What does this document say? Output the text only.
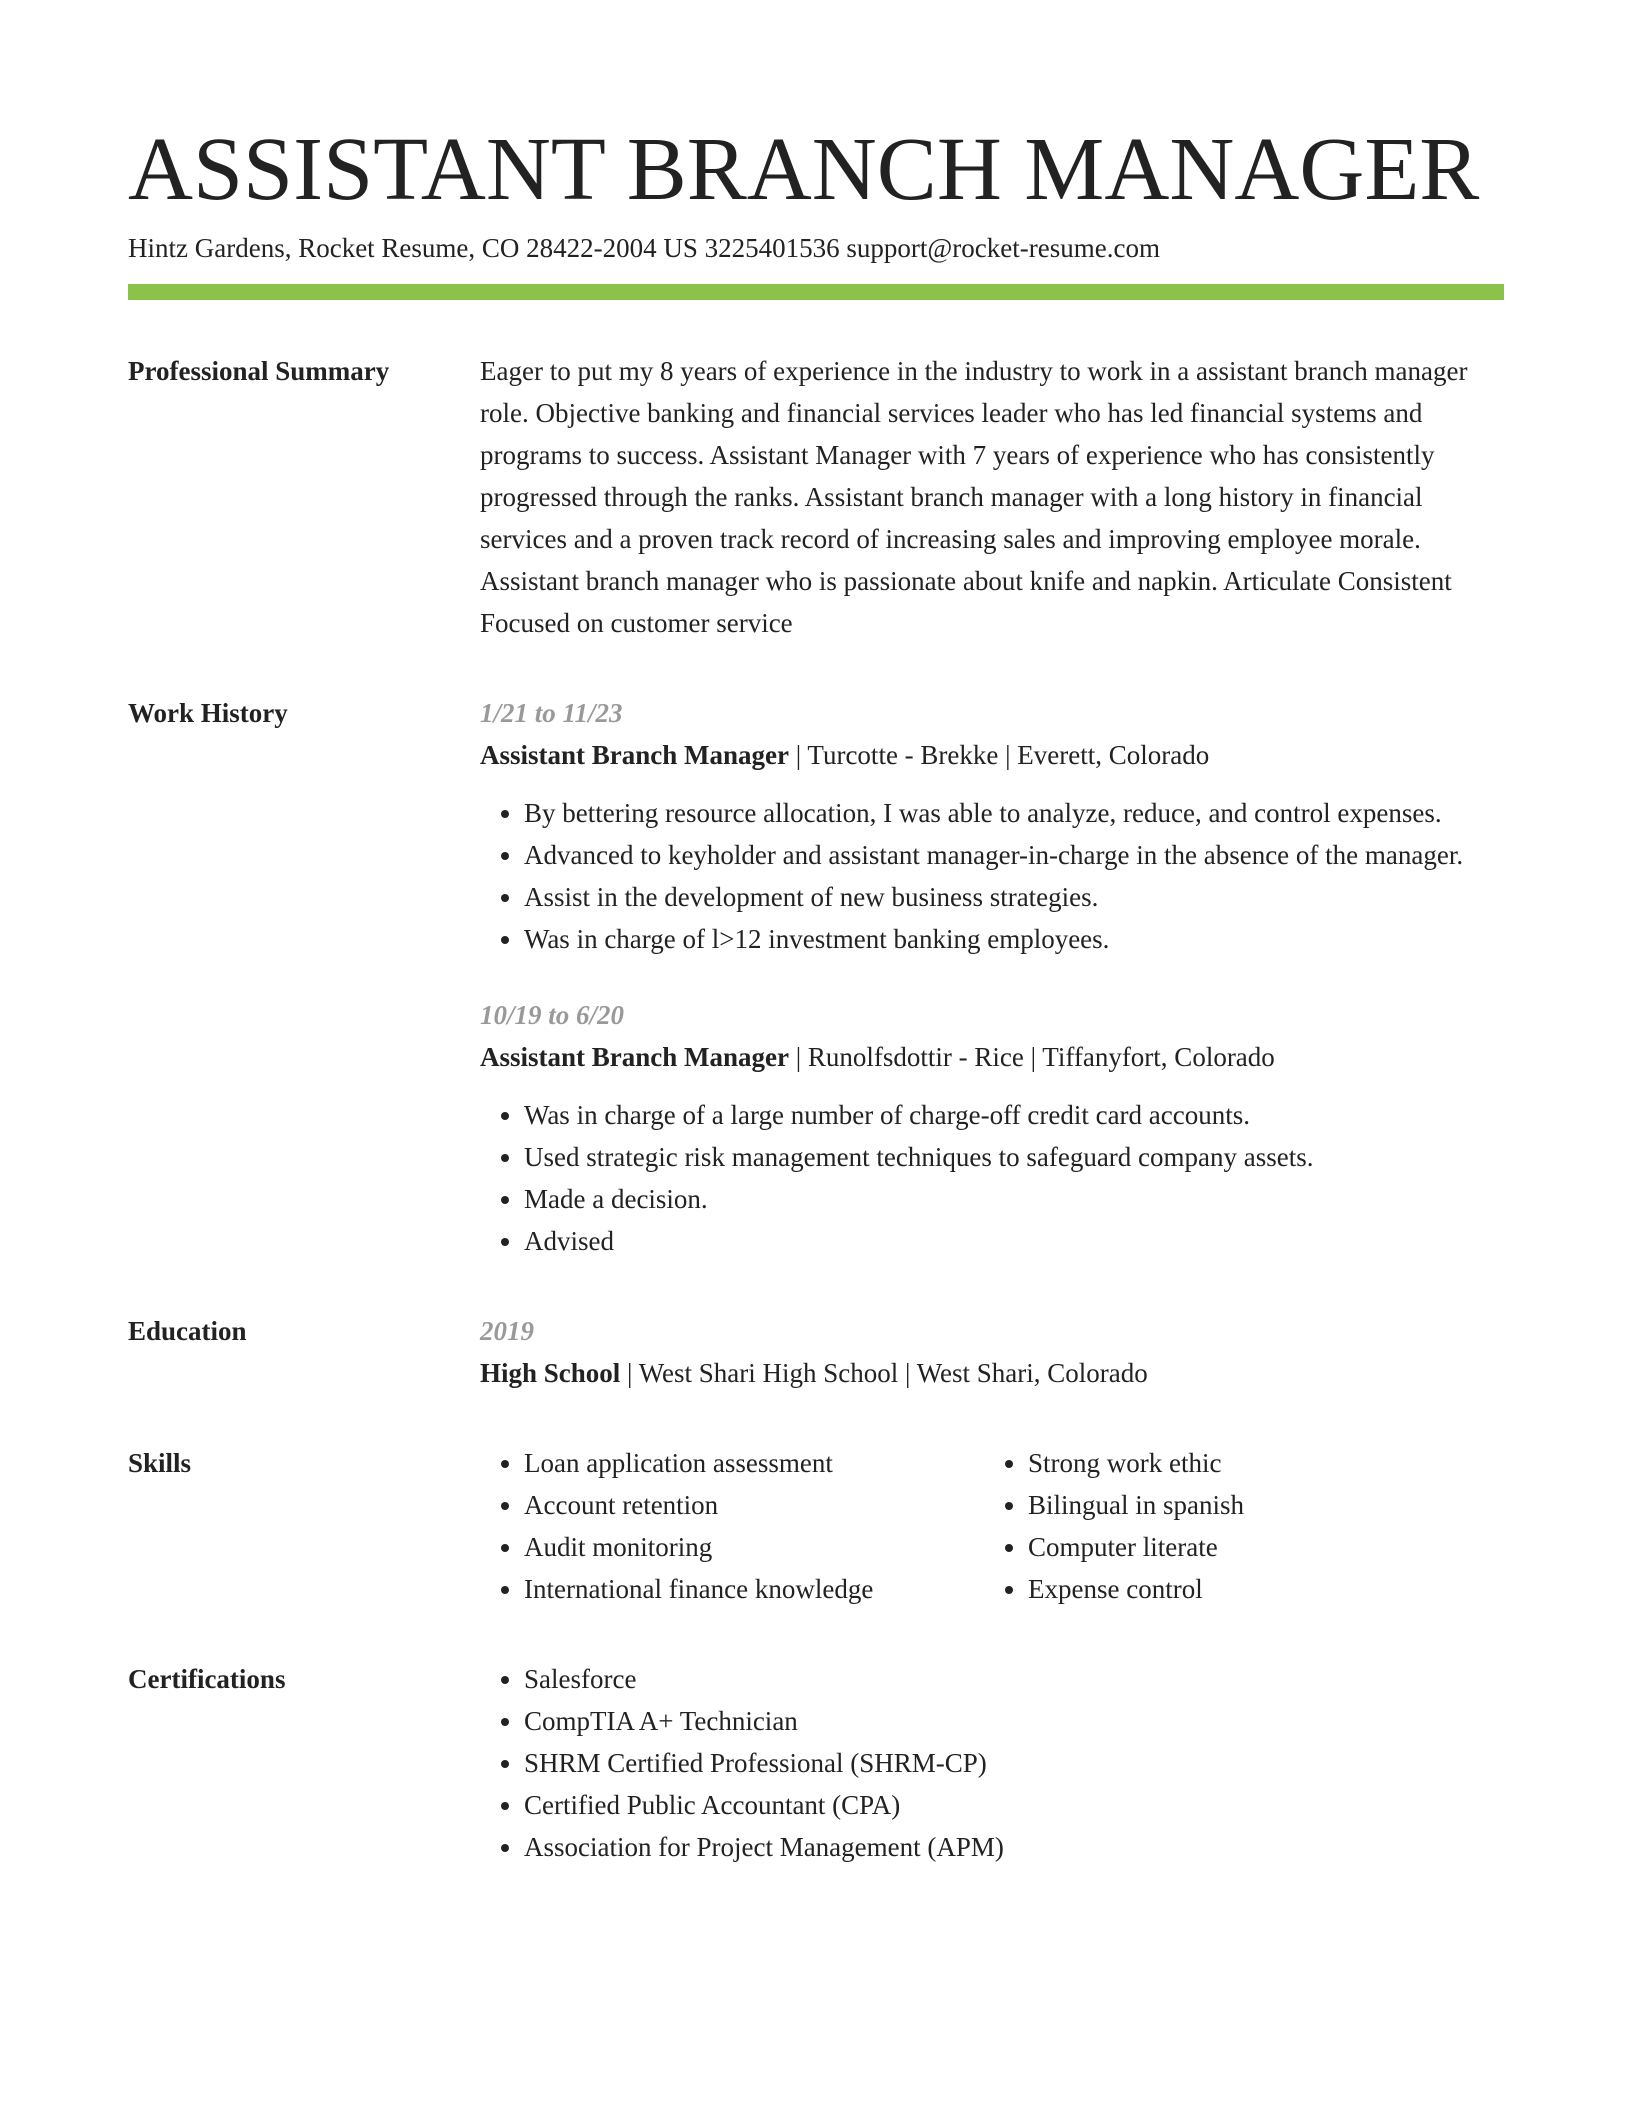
ASSISTANT BRANCH MANAGER
Hintz Gardens, Rocket Resume, CO 28422-2004 US 3225401536 support@rocket-resume.com
Professional Summary	Eager to put my 8 years of experience in the industry to work in a assistant branch manager role. Objective banking and financial services leader who has led financial systems and programs to success. Assistant Manager with 7 years of experience who has consistently progressed through the ranks. Assistant branch manager with a long history in financial services and a proven track record of increasing sales and improving employee morale. Assistant branch manager who is passionate about knife and napkin. Articulate Consistent Focused on customer service
Work History	1/21 to 11/23
Assistant Branch Manager | Turcotte - Brekke | Everett, Colorado
• By bettering resource allocation, I was able to analyze, reduce, and control expenses.
• Advanced to keyholder and assistant manager-in-charge in the absence of the manager.
• Assist in the development of new business strategies.
• Was in charge of l>12 investment banking employees.
10/19 to 6/20
Assistant Branch Manager | Runolfsdottir - Rice | Tiffanyfort, Colorado
• Was in charge of a large number of charge-off credit card accounts.
• Used strategic risk management techniques to safeguard company assets.
• Made a decision.
• Advised
Education	2019
High School | West Shari High School | West Shari, Colorado
Skills	• Loan application assessment
• Account retention
• Audit monitoring
• International finance knowledge
• Strong work ethic
• Bilingual in spanish
• Computer literate
• Expense control
Certifications	• Salesforce
• CompTIA A+ Technician
• SHRM Certified Professional (SHRM-CP)
• Certified Public Accountant (CPA)
• Association for Project Management (APM)
